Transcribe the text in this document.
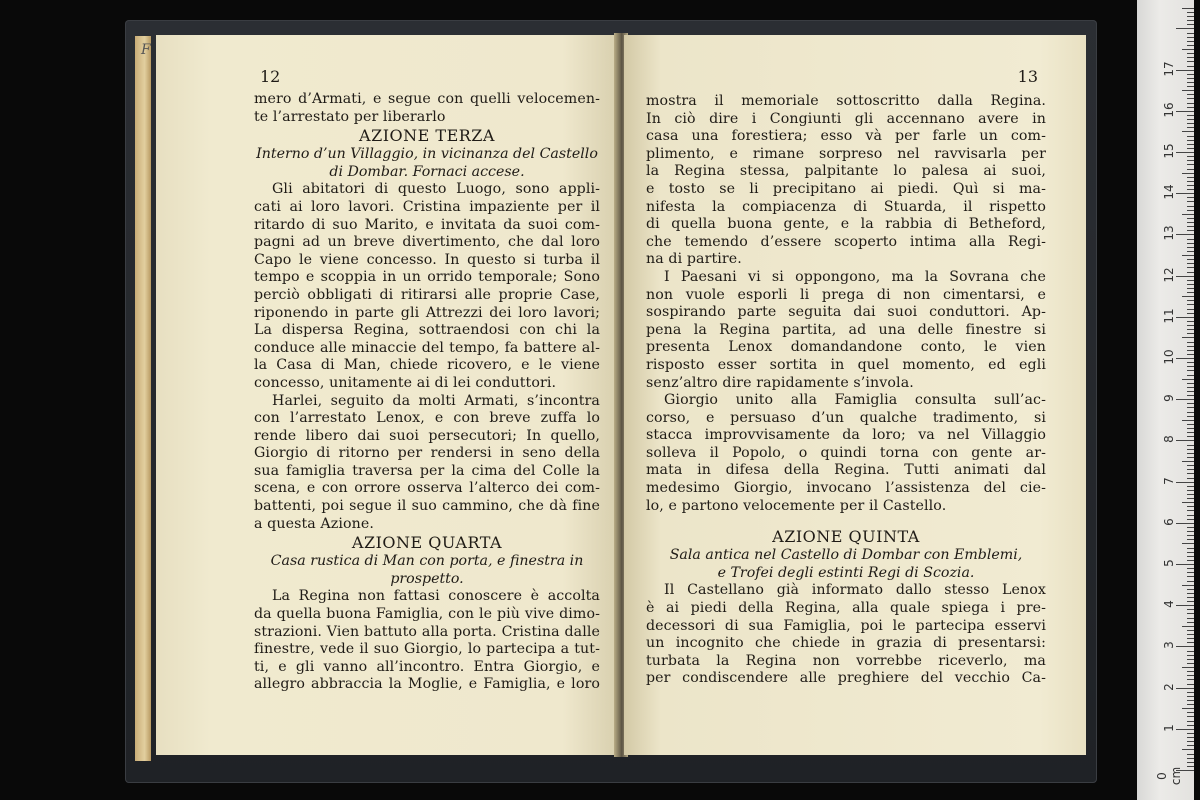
F
12
mero d’Armati, e segue con quelli velocemen-
te l’arrestato per liberarlo
AZIONE TERZA
Interno d’un Villaggio, in vicinanza del Castello
di Dombar. Fornaci accese.
Gli abitatori di questo Luogo, sono appli-
cati ai loro lavori. Cristina impaziente per il
ritardo di suo Marito, e invitata da suoi com-
pagni ad un breve divertimento, che dal loro
Capo le viene concesso. In questo si turba il
tempo e scoppia in un orrido temporale; Sono
perciò obbligati di ritirarsi alle proprie Case,
riponendo in parte gli Attrezzi dei loro lavori;
La dispersa Regina, sottraendosi con chi la
conduce alle minaccie del tempo, fa battere al-
la Casa di Man, chiede ricovero, e le viene
concesso, unitamente ai di lei conduttori.
Harlei, seguito da molti Armati, s’incontra
con l’arrestato Lenox, e con breve zuffa lo
rende libero dai suoi persecutori; In quello,
Giorgio di ritorno per rendersi in seno della
sua famiglia traversa per la cima del Colle la
scena, e con orrore osserva l’alterco dei com-
battenti, poi segue il suo cammino, che dà fine
a questa Azione.
AZIONE QUARTA
Casa rustica di Man con porta, e finestra in
prospetto.
La Regina non fattasi conoscere è accolta
da quella buona Famiglia, con le più vive dimo-
strazioni. Vien battuto alla porta. Cristina dalle
finestre, vede il suo Giorgio, lo partecipa a tut-
ti, e gli vanno all’incontro. Entra Giorgio, e
allegro abbraccia la Moglie, e Famiglia, e loro
13
mostra il memoriale sottoscritto dalla Regina.
In ciò dire i Congiunti gli accennano avere in
casa una forestiera; esso và per farle un com-
plimento, e rimane sorpreso nel ravvisarla per
la Regina stessa, palpitante lo palesa ai suoi,
e tosto se li precipitano ai piedi. Quì si ma-
nifesta la compiacenza di Stuarda, il rispetto
di quella buona gente, e la rabbia di Betheford,
che temendo d’essere scoperto intima alla Regi-
na di partire.
I Paesani vi si oppongono, ma la Sovrana che
non vuole esporli li prega di non cimentarsi, e
sospirando parte seguita dai suoi conduttori. Ap-
pena la Regina partita, ad una delle finestre si
presenta Lenox domandandone conto, le vien
risposto esser sortita in quel momento, ed egli
senz’altro dire rapidamente s’invola.
Giorgio unito alla Famiglia consulta sull’ac-
corso, e persuaso d’un qualche tradimento, si
stacca improvvisamente da loro; va nel Villaggio
solleva il Popolo, o quindi torna con gente ar-
mata in difesa della Regina. Tutti animati dal
medesimo Giorgio, invocano l’assistenza del cie-
lo, e partono velocemente per il Castello.
AZIONE QUINTA
Sala antica nel Castello di Dombar con Emblemi,
e Trofei degli estinti Regi di Scozia.
Il Castellano già informato dallo stesso Lenox
è ai piedi della Regina, alla quale spiega i pre-
decessori di sua Famiglia, poi le partecipa esservi
un incognito che chiede in grazia di presentarsi:
turbata la Regina non vorrebbe riceverlo, ma
per condiscendere alle preghiere del vecchio Ca-
0 cm
1
2
3
4
5
6
7
8
9
10
11
12
13
14
15
16
17
